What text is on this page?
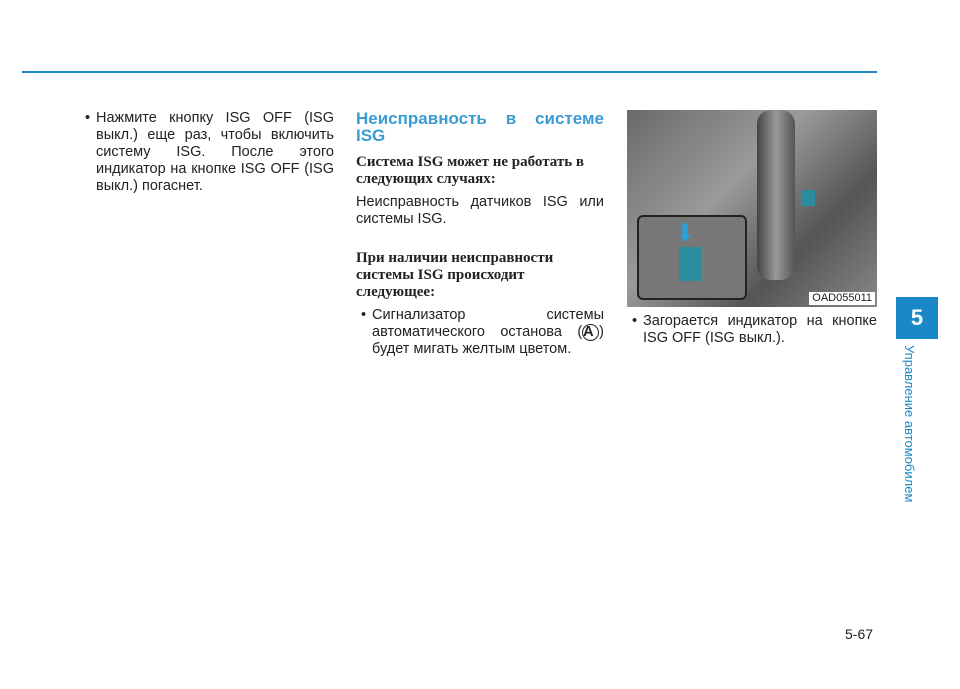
• Нажмите кнопку ISG OFF (ISG выкл.) еще раз, чтобы включить систему ISG. После этого индикатор на кнопке ISG OFF (ISG выкл.) погаснет.
Неисправность в системе ISG
Система ISG может не работать в следующих случаях:

Неисправность датчиков ISG или системы ISG.

При наличии неисправности системы ISG происходит следующее:
• Сигнализатор системы автоматического останова (A ) будет мигать желтым цветом.
⬇
OAD055011
• Загорается индикатор на кнопке ISG OFF (ISG выкл.).
5
Управление автомобилем
5-67
